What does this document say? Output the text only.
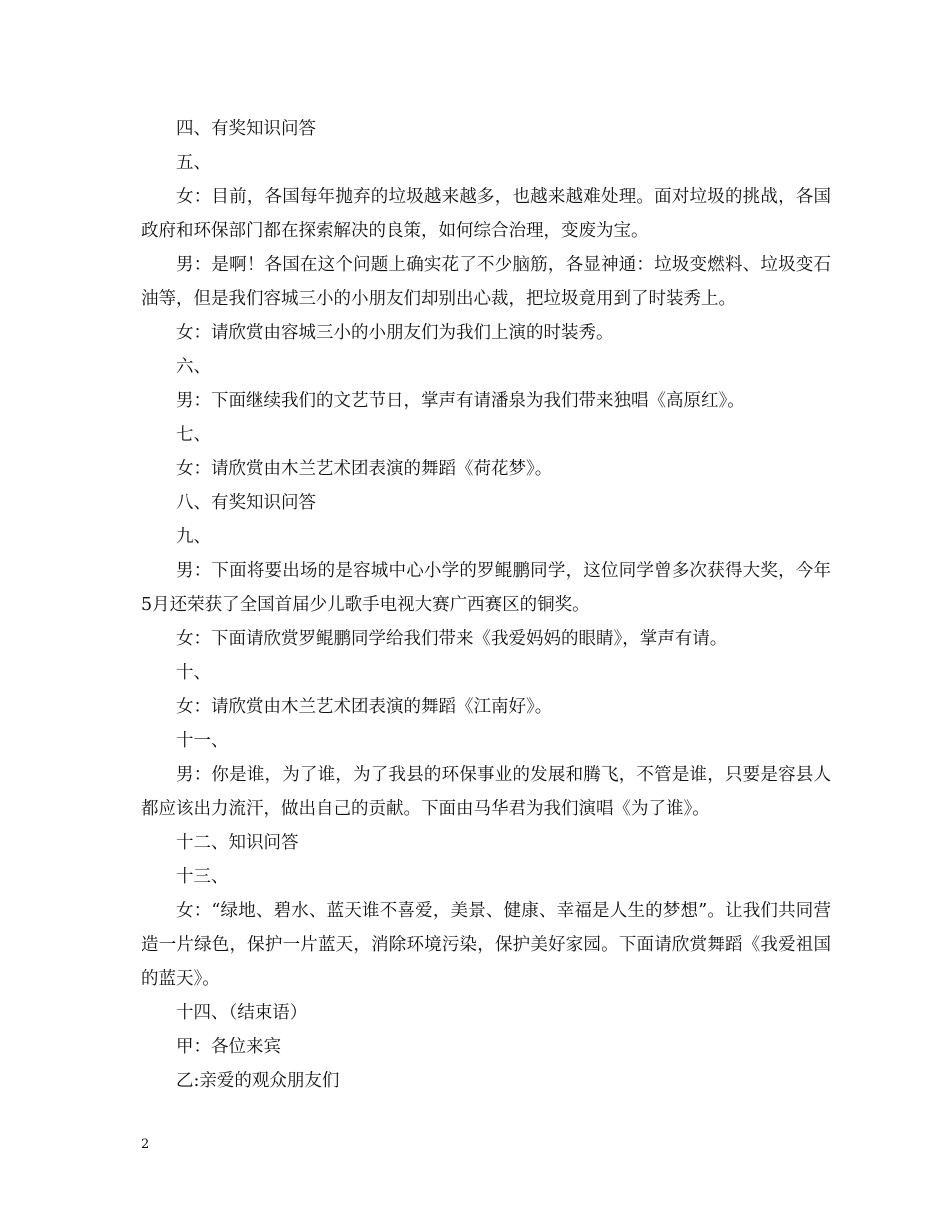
四、有奖知识问答

五、

女：目前，各国每年抛弃的垃圾越来越多，也越来越难处理。面对垃圾的挑战，各国政府和环保部门都在探索解决的良策，如何综合治理，变废为宝。

男：是啊！各国在这个问题上确实花了不少脑筋，各显神通：垃圾变燃料、垃圾变石油等，但是我们容城三小的小朋友们却别出心裁，把垃圾竟用到了时装秀上。

女：请欣赏由容城三小的小朋友们为我们上演的时装秀。

六、

男：下面继续我们的文艺节日，掌声有请潘泉为我们带来独唱《高原红》。

七、

女：请欣赏由木兰艺术团表演的舞蹈《荷花梦》。

八、有奖知识问答

九、

男：下面将要出场的是容城中心小学的罗鲲鹏同学，这位同学曾多次获得大奖，今年5月还荣获了全国首届少儿歌手电视大赛广西赛区的铜奖。

女：下面请欣赏罗鲲鹏同学给我们带来《我爱妈妈的眼睛》，掌声有请。

十、

女：请欣赏由木兰艺术团表演的舞蹈《江南好》。

十一、

男：你是谁，为了谁，为了我县的环保事业的发展和腾飞，不管是谁，只要是容县人都应该出力流汗，做出自己的贡献。下面由马华君为我们演唱《为了谁》。

十二、知识问答

十三、

女：“绿地、碧水、蓝天谁不喜爱，美景、健康、幸福是人生的梦想”。让我们共同营造一片绿色，保护一片蓝天，消除环境污染，保护美好家园。下面请欣赏舞蹈《我爱祖国的蓝天》。

十四、（结束语）

甲：各位来宾

乙:亲爱的观众朋友们

2
